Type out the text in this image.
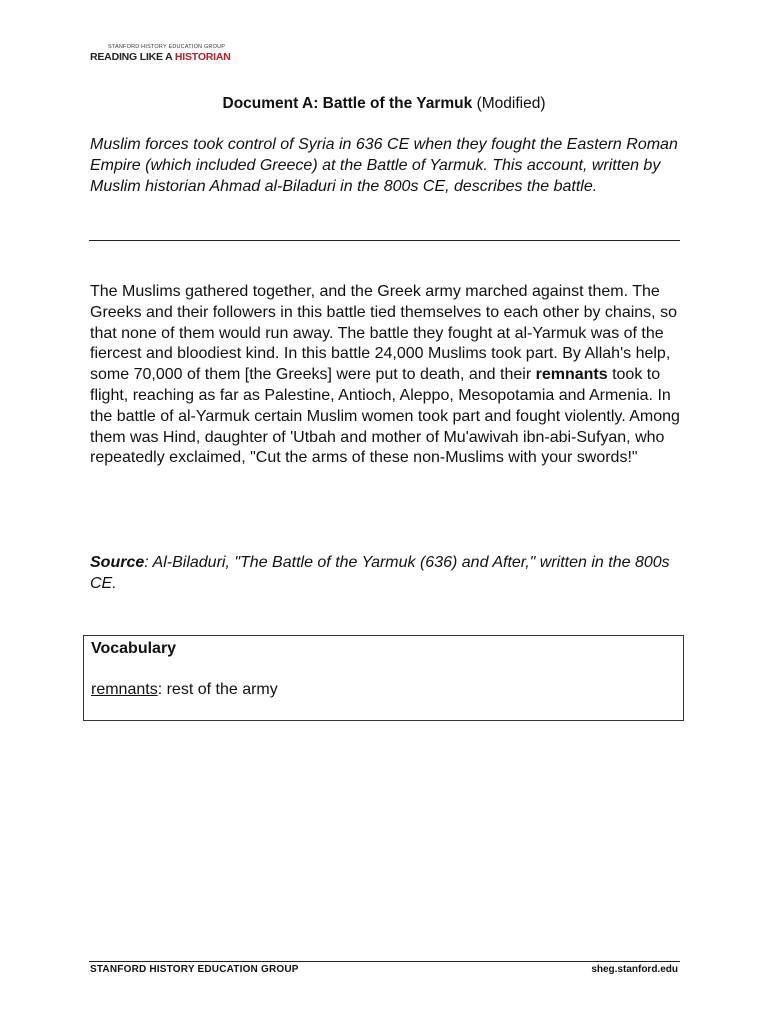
STANFORD HISTORY EDUCATION GROUP
READING LIKE A HISTORIAN
Document A: Battle of the Yarmuk (Modified)
Muslim forces took control of Syria in 636 CE when they fought the Eastern Roman Empire (which included Greece) at the Battle of Yarmuk. This account, written by Muslim historian Ahmad al-Biladuri in the 800s CE, describes the battle.
The Muslims gathered together, and the Greek army marched against them. The Greeks and their followers in this battle tied themselves to each other by chains, so that none of them would run away. The battle they fought at al-Yarmuk was of the fiercest and bloodiest kind. In this battle 24,000 Muslims took part. By Allah's help, some 70,000 of them [the Greeks] were put to death, and their remnants took to flight, reaching as far as Palestine, Antioch, Aleppo, Mesopotamia and Armenia. In the battle of al-Yarmuk certain Muslim women took part and fought violently. Among them was Hind, daughter of 'Utbah and mother of Mu'awivah ibn-abi-Sufyan, who repeatedly exclaimed, "Cut the arms of these non-Muslims with your swords!"
Source: Al-Biladuri, "The Battle of the Yarmuk (636) and After," written in the 800s CE.
Vocabulary
remnants: rest of the army
STANFORD HISTORY EDUCATION GROUP	sheg.stanford.edu
